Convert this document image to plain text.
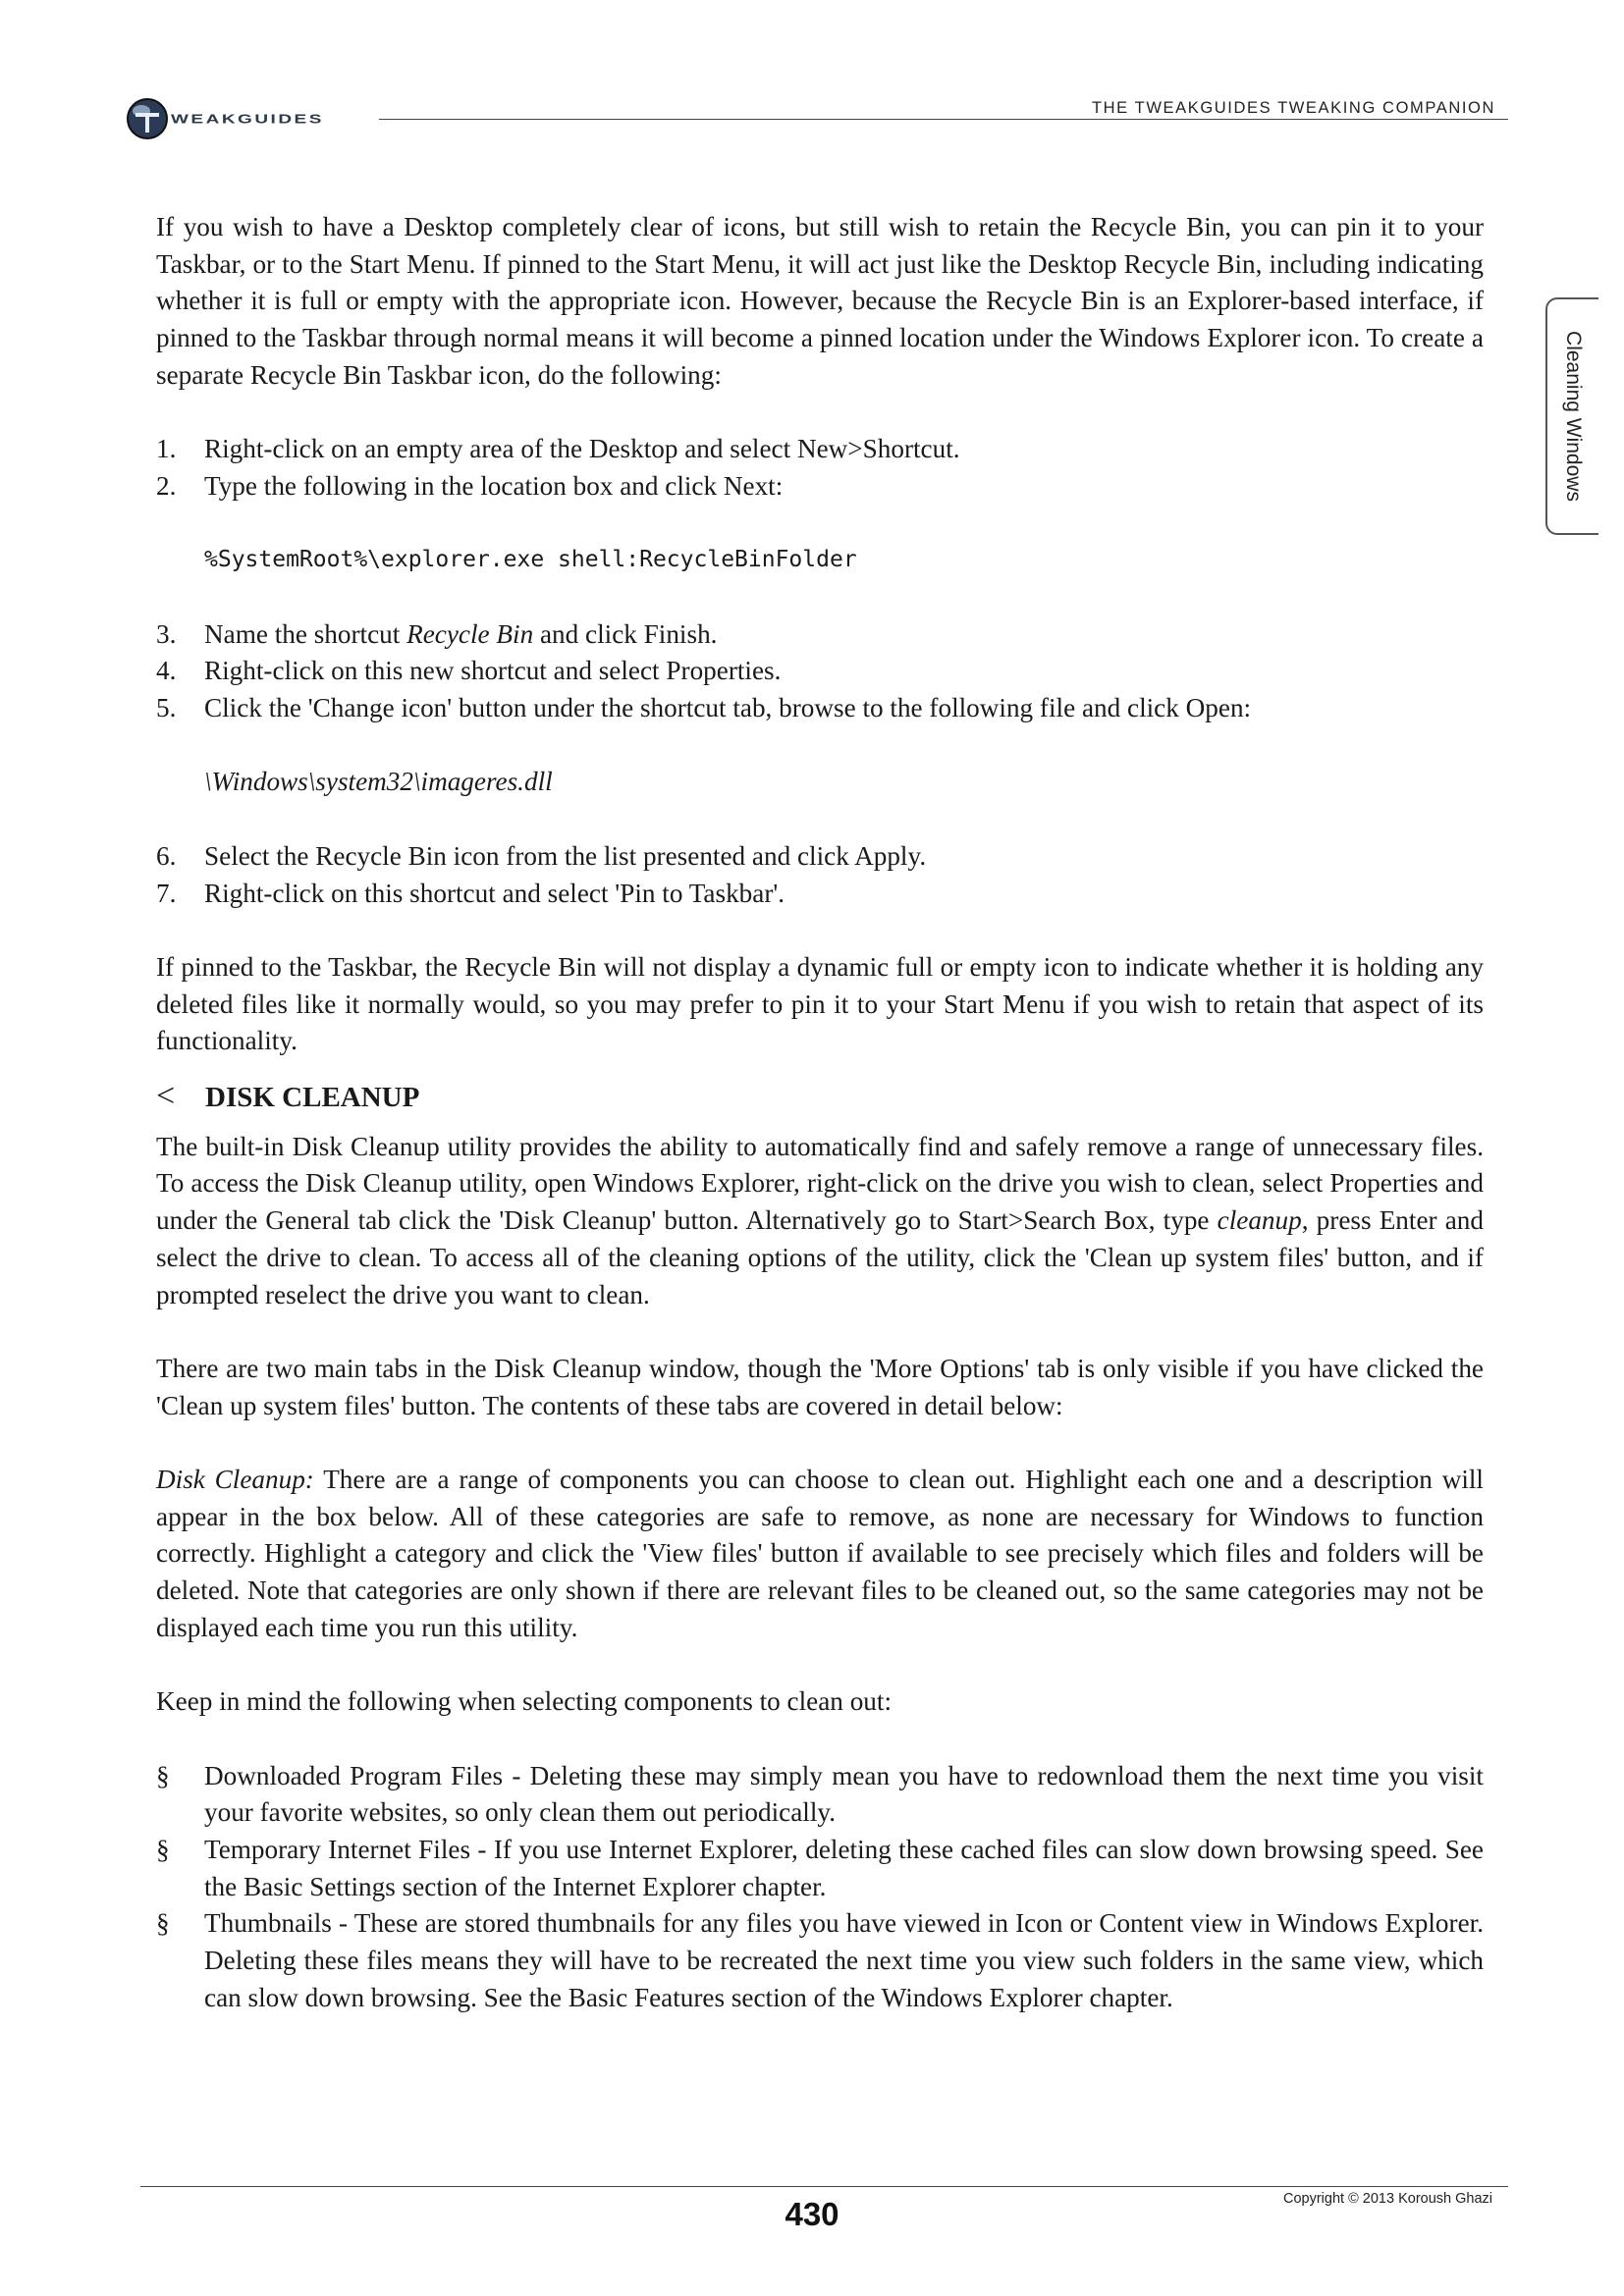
WEAKGUIDES
THE TWEAKGUIDES TWEAKING COMPANION
Cleaning Windows

If you wish to have a Desktop completely clear of icons, but still wish to retain the Recycle Bin, you can pin it to your Taskbar, or to the Start Menu. If pinned to the Start Menu, it will act just like the Desktop Recycle Bin, including indicating whether it is full or empty with the appropriate icon. However, because the Recycle Bin is an Explorer-based interface, if pinned to the Taskbar through normal means it will become a pinned location under the Windows Explorer icon. To create a separate Recycle Bin Taskbar icon, do the following:

1. Right-click on an empty area of the Desktop and select New>Shortcut.
2. Type the following in the location box and click Next:
%SystemRoot%\explorer.exe shell:RecycleBinFolder
3. Name the shortcut Recycle Bin and click Finish.
4. Right-click on this new shortcut and select Properties.
5. Click the 'Change icon' button under the shortcut tab, browse to the following file and click Open:
\Windows\system32\imageres.dll
6. Select the Recycle Bin icon from the list presented and click Apply.
7. Right-click on this shortcut and select 'Pin to Taskbar'.

If pinned to the Taskbar, the Recycle Bin will not display a dynamic full or empty icon to indicate whether it is holding any deleted files like it normally would, so you may prefer to pin it to your Start Menu if you wish to retain that aspect of its functionality.

< DISK CLEANUP

The built-in Disk Cleanup utility provides the ability to automatically find and safely remove a range of unnecessary files. To access the Disk Cleanup utility, open Windows Explorer, right-click on the drive you wish to clean, select Properties and under the General tab click the 'Disk Cleanup' button. Alternatively go to Start>Search Box, type cleanup, press Enter and select the drive to clean. To access all of the cleaning options of the utility, click the 'Clean up system files' button, and if prompted reselect the drive you want to clean.

There are two main tabs in the Disk Cleanup window, though the 'More Options' tab is only visible if you have clicked the 'Clean up system files' button. The contents of these tabs are covered in detail below:

Disk Cleanup: There are a range of components you can choose to clean out. Highlight each one and a description will appear in the box below. All of these categories are safe to remove, as none are necessary for Windows to function correctly. Highlight a category and click the 'View files' button if available to see precisely which files and folders will be deleted. Note that categories are only shown if there are relevant files to be cleaned out, so the same categories may not be displayed each time you run this utility.

Keep in mind the following when selecting components to clean out:

§ Downloaded Program Files - Deleting these may simply mean you have to redownload them the next time you visit your favorite websites, so only clean them out periodically.
§ Temporary Internet Files - If you use Internet Explorer, deleting these cached files can slow down browsing speed. See the Basic Settings section of the Internet Explorer chapter.
§ Thumbnails - These are stored thumbnails for any files you have viewed in Icon or Content view in Windows Explorer. Deleting these files means they will have to be recreated the next time you view such folders in the same view, which can slow down browsing. See the Basic Features section of the Windows Explorer chapter.
430	Copyright © 2013 Koroush Ghazi
